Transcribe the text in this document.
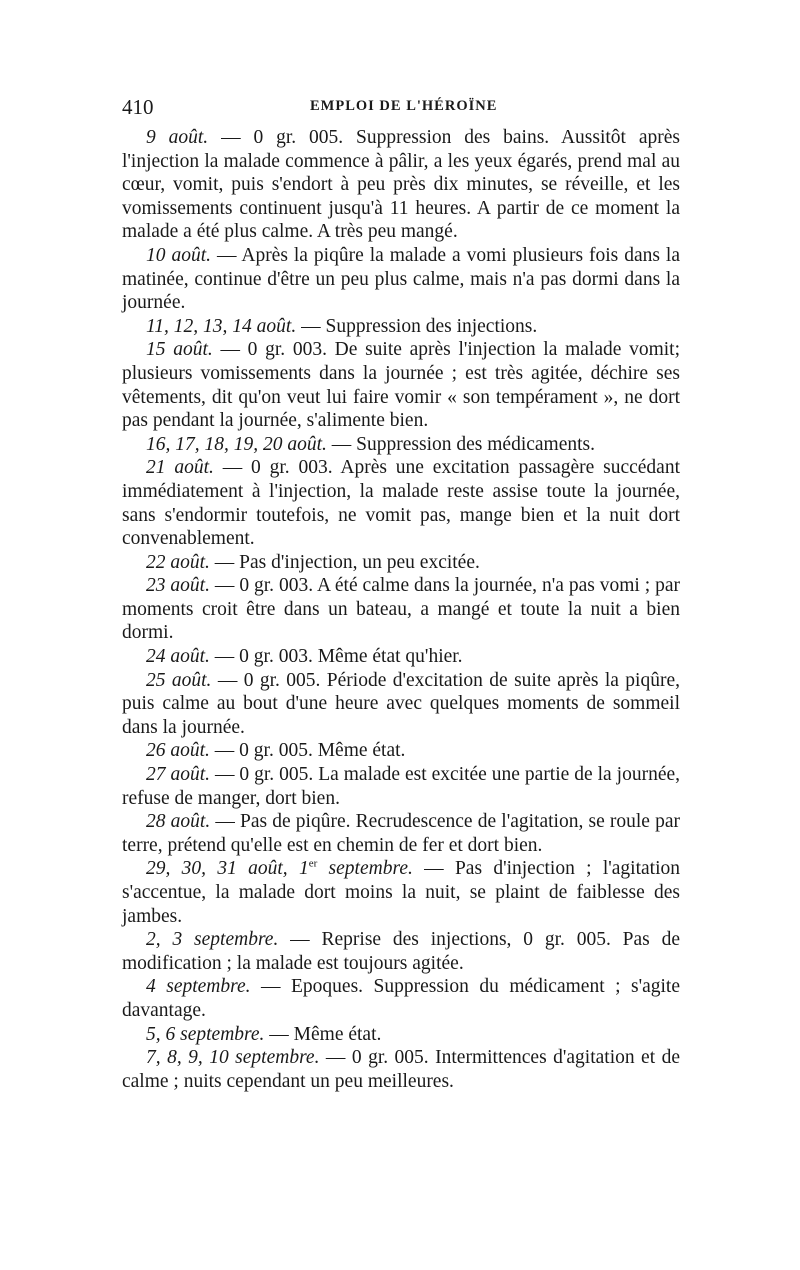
410	EMPLOI DE L'HÉROÏNE

9 août. — 0 gr. 005. Suppression des bains. Aussitôt après l'injection la malade commence à pâlir, a les yeux égarés, prend mal au cœur, vomit, puis s'endort à peu près dix minutes, se réveille, et les vomissements continuent jusqu'à 11 heures. A partir de ce moment la malade a été plus calme. A très peu mangé.

10 août. — Après la piqûre la malade a vomi plusieurs fois dans la matinée, continue d'être un peu plus calme, mais n'a pas dormi dans la journée.

11, 12, 13, 14 août. — Suppression des injections.

15 août. — 0 gr. 003. De suite après l'injection la malade vomit; plusieurs vomissements dans la journée ; est très agitée, déchire ses vêtements, dit qu'on veut lui faire vomir « son tempérament », ne dort pas pendant la journée, s'alimente bien.

16, 17, 18, 19, 20 août. — Suppression des médicaments.

21 août. — 0 gr. 003. Après une excitation passagère succédant immédiatement à l'injection, la malade reste assise toute la journée, sans s'endormir toutefois, ne vomit pas, mange bien et la nuit dort convenablement.

22 août. — Pas d'injection, un peu excitée.

23 août. — 0 gr. 003. A été calme dans la journée, n'a pas vomi ; par moments croit être dans un bateau, a mangé et toute la nuit a bien dormi.

24 août. — 0 gr. 003. Même état qu'hier.

25 août. — 0 gr. 005. Période d'excitation de suite après la piqûre, puis calme au bout d'une heure avec quelques moments de sommeil dans la journée.

26 août. — 0 gr. 005. Même état.

27 août. — 0 gr. 005. La malade est excitée une partie de la journée, refuse de manger, dort bien.

28 août. — Pas de piqûre. Recrudescence de l'agitation, se roule par terre, prétend qu'elle est en chemin de fer et dort bien.

29, 30, 31 août, 1er septembre. — Pas d'injection ; l'agitation s'accentue, la malade dort moins la nuit, se plaint de faiblesse des jambes.

2, 3 septembre. — Reprise des injections, 0 gr. 005. Pas de modification ; la malade est toujours agitée.

4 septembre. — Epoques. Suppression du médicament ; s'agite davantage.

5, 6 septembre. — Même état.

7, 8, 9, 10 septembre. — 0 gr. 005. Intermittences d'agitation et de calme ; nuits cependant un peu meilleures.
